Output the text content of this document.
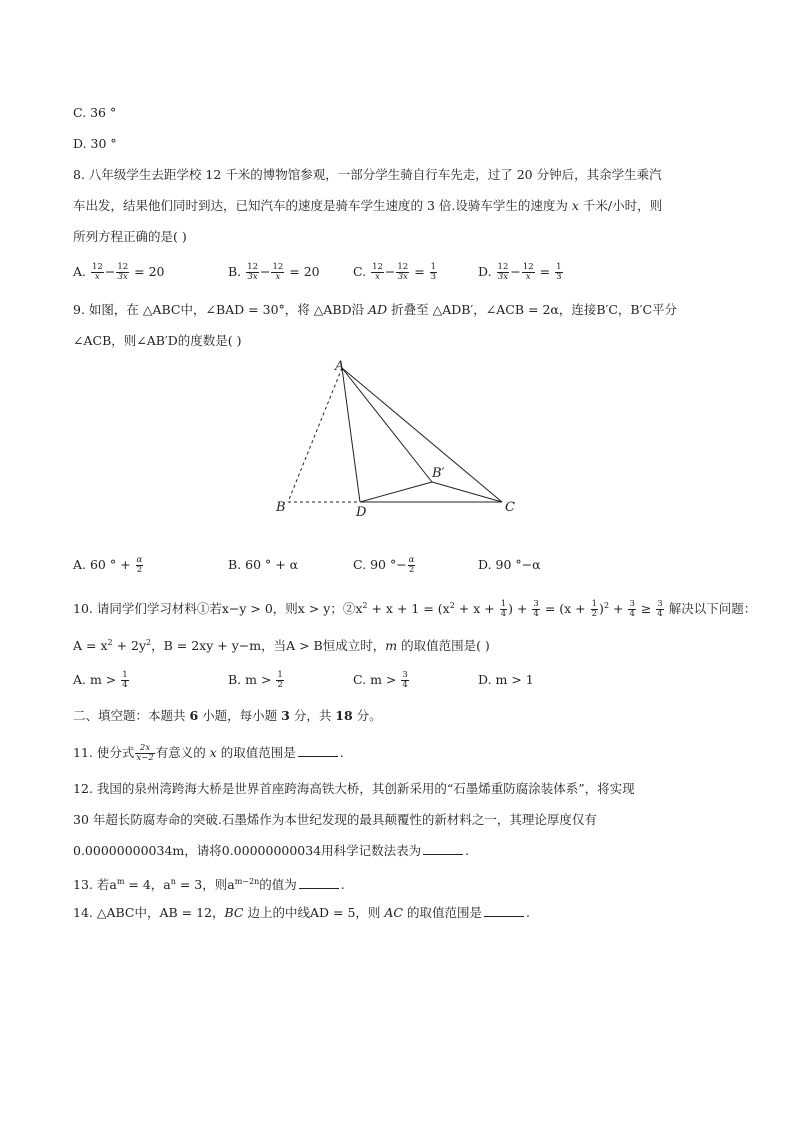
C. 36 °
D. 30 °
8. 八年级学生去距学校 12 千米的博物馆参观，一部分学生骑自行车先走，过了 20 分钟后，其余学生乘汽
车出发，结果他们同时到达，已知汽车的速度是骑车学生速度的 3 倍.设骑车学生的速度为 x 千米/小时，则
所列方程正确的是( )
A. $\frac{12}{x} - \frac{12}{3x} = 20$	B. $\frac{12}{3x} - \frac{12}{x} = 20$	C. $\frac{12}{x} - \frac{12}{3x} = \frac{1}{3}$	D. $\frac{12}{3x} - \frac{12}{x} = \frac{1}{3}$
9. 如图，在 △ABC中，∠BAD = 30°，将 △ABD沿 AD 折叠至 △ADB′，∠ACB = 2α，连接B′C，B′C平分
∠ACB，则∠AB′D的度数是( )
A
B	D	C
B′
A. 60 ° + $\frac{\alpha}{2}$	B. 60 ° + α	C. 90 °− $\frac{\alpha}{2}$	D. 90 °−α
10. 请同学们学习材料①若x−y > 0，则x > y；$②x^2 + x + 1 = (x^2 + x + \frac{1}{4}$ ) + $\frac{3}{4} = (x + \frac{1}{2} )^2 + \frac{3}{4} \ge \frac{3}{4}$ 解决以下问题：
$A = x^2 + 2y^2$，B = 2xy + y−m，当A > B恒成立时，m 的取值范围是( )
A. $m > \frac{1}{4}$	B. $m > \frac{1}{2}$	C. $m > \frac{3}{4}$	D. m > 1
二、填空题：本题共 6 小题，每小题 3 分，共 18 分。
11. 使分式 $\frac{2x}{x-2}$ 有意义的 x 的取值范围是	.
12. 我国的泉州湾跨海大桥是世界首座跨海高铁大桥，其创新采用的“石墨烯重防腐涂装体系”，将实现
30 年超长防腐寿命的突破.石墨烯作为本世纪发现的最具颠覆性的新材料之一，其理论厚度仅有
0.00000000034m，请将0.00000000034用科学记数法表为	.
13. 若$a^m = 4$，$a^n = 3$，则$a^{m-2n}$的值为	.
14. △ABC中，AB = 12，BC 边上的中线AD = 5，则 AC 的取值范围是	.
